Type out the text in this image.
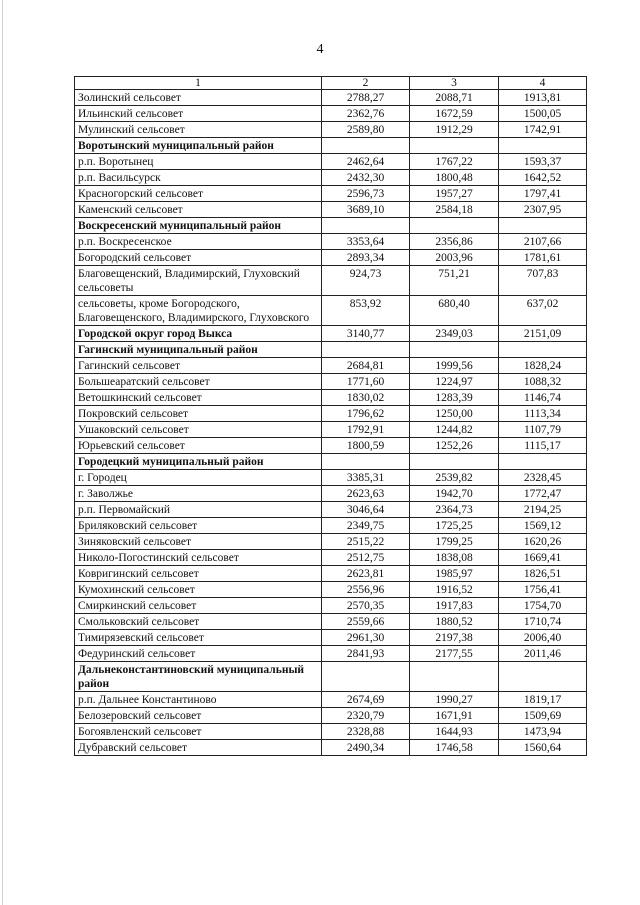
4
1	2	3	4
Золинский сельсовет	2788,27	2088,71	1913,81
Ильинский сельсовет	2362,76	1672,59	1500,05
Мулинский сельсовет	2589,80	1912,29	1742,91
Воротынский муниципальный район			
р.п. Воротынец	2462,64	1767,22	1593,37
р.п. Васильсурск	2432,30	1800,48	1642,52
Красногорский сельсовет	2596,73	1957,27	1797,41
Каменский сельсовет	3689,10	2584,18	2307,95
Воскресенский муниципальный район			
р.п. Воскресенское	3353,64	2356,86	2107,66
Богородский сельсовет	2893,34	2003,96	1781,61
Благовещенский, Владимирский, Глуховский сельсоветы	924,73	751,21	707,83
сельсоветы, кроме Богородского, Благовещенского, Владимирского, Глуховского	853,92	680,40	637,02
Городской округ город Выкса	3140,77	2349,03	2151,09
Гагинский муниципальный район			
Гагинский сельсовет	2684,81	1999,56	1828,24
Большеаратский сельсовет	1771,60	1224,97	1088,32
Ветошкинский сельсовет	1830,02	1283,39	1146,74
Покровский сельсовет	1796,62	1250,00	1113,34
Ушаковский сельсовет	1792,91	1244,82	1107,79
Юрьевский сельсовет	1800,59	1252,26	1115,17
Городецкий муниципальный район			
г. Городец	3385,31	2539,82	2328,45
г. Заволжье	2623,63	1942,70	1772,47
р.п. Первомайский	3046,64	2364,73	2194,25
Бриляковский сельсовет	2349,75	1725,25	1569,12
Зиняковский сельсовет	2515,22	1799,25	1620,26
Николо-Погостинский сельсовет	2512,75	1838,08	1669,41
Ковригинский сельсовет	2623,81	1985,97	1826,51
Кумохинский сельсовет	2556,96	1916,52	1756,41
Смиркинский сельсовет	2570,35	1917,83	1754,70
Смольковский сельсовет	2559,66	1880,52	1710,74
Тимирязевский сельсовет	2961,30	2197,38	2006,40
Федуринский сельсовет	2841,93	2177,55	2011,46
Дальнеконстантиновский муниципальный район			
р.п. Дальнее Константиново	2674,69	1990,27	1819,17
Белозеровский сельсовет	2320,79	1671,91	1509,69
Богоявленский сельсовет	2328,88	1644,93	1473,94
Дубравский сельсовет	2490,34	1746,58	1560,64
